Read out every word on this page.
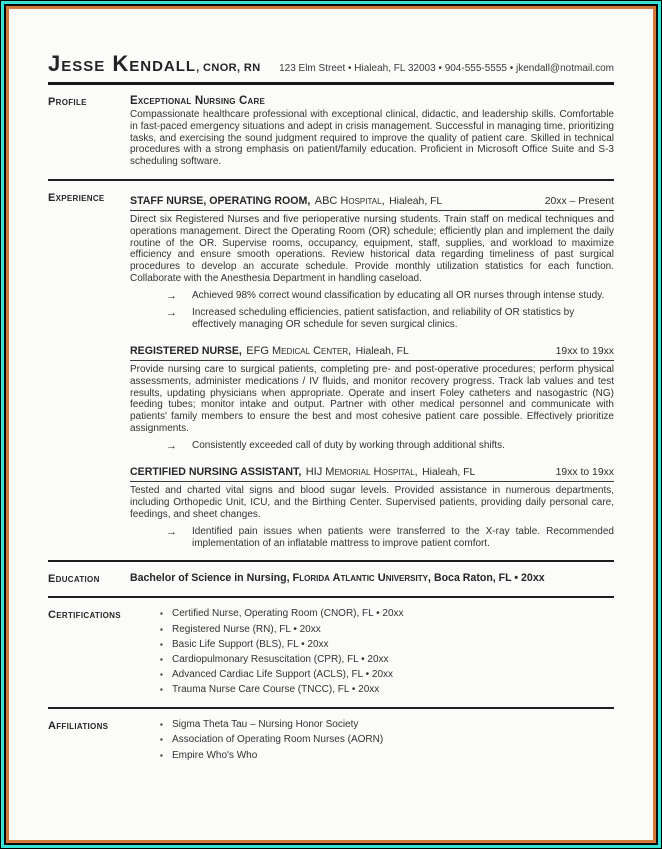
Jesse Kendall, CNOR, RN 123 Elm Street • Hialeah, FL 32003 • 904-555-5555 • jkendall@notmail.com
Profile	Exceptional Nursing Care
Compassionate healthcare professional with exceptional clinical, didactic, and leadership skills. Comfortable in fast-paced emergency situations and adept in crisis management. Successful in managing time, prioritizing tasks, and exercising the sound judgment required to improve the quality of patient care. Skilled in technical procedures with a strong emphasis on patient/family education. Proficient in Microsoft Office Suite and S-3 scheduling software.
Experience	STAFF NURSE, OPERATING ROOM, ABC Hospital, Hialeah, FL	20xx – Present
Direct six Registered Nurses and five perioperative nursing students. Train staff on medical techniques and operations management. Direct the Operating Room (OR) schedule; efficiently plan and implement the daily routine of the OR. Supervise rooms, occupancy, equipment, staff, supplies, and workload to maximize efficiency and ensure smooth operations. Review historical data regarding timeliness of past surgical procedures to develop an accurate schedule. Provide monthly utilization statistics for each function. Collaborate with the Anesthesia Department in handling caseload.
→	Achieved 98% correct wound classification by educating all OR nurses through intense study.
→	Increased scheduling efficiencies, patient satisfaction, and reliability of OR statistics by effectively managing OR schedule for seven surgical clinics.
REGISTERED NURSE, EFG Medical Center, Hialeah, FL	19xx to 19xx
Provide nursing care to surgical patients, completing pre- and post-operative procedures; perform physical assessments, administer medications / IV fluids, and monitor recovery progress. Track lab values and test results, updating physicians when appropriate. Operate and insert Foley catheters and nasogastric (NG) feeding tubes; monitor intake and output. Partner with other medical personnel and communicate with patients' family members to ensure the best and most cohesive patient care possible. Effectively prioritize assignments.
→	Consistently exceeded call of duty by working through additional shifts.
CERTIFIED NURSING ASSISTANT, HIJ Memorial Hospital, Hialeah, FL	19xx to 19xx
Tested and charted vital signs and blood sugar levels. Provided assistance in numerous departments, including Orthopedic Unit, ICU, and the Birthing Center. Supervised patients, providing daily personal care, feedings, and sheet changes.
→	Identified pain issues when patients were transferred to the X-ray table. Recommended implementation of an inflatable mattress to improve patient comfort.
Education	Bachelor of Science in Nursing, Florida Atlantic University, Boca Raton, FL • 20xx
Certifications	▪ Certified Nurse, Operating Room (CNOR), FL • 20xx
▪ Registered Nurse (RN), FL • 20xx
▪ Basic Life Support (BLS), FL • 20xx
▪ Cardiopulmonary Resuscitation (CPR), FL • 20xx
▪ Advanced Cardiac Life Support (ACLS), FL • 20xx
▪ Trauma Nurse Care Course (TNCC), FL • 20xx
Affiliations	▪ Sigma Theta Tau – Nursing Honor Society
▪ Association of Operating Room Nurses (AORN)
▪ Empire Who's Who
